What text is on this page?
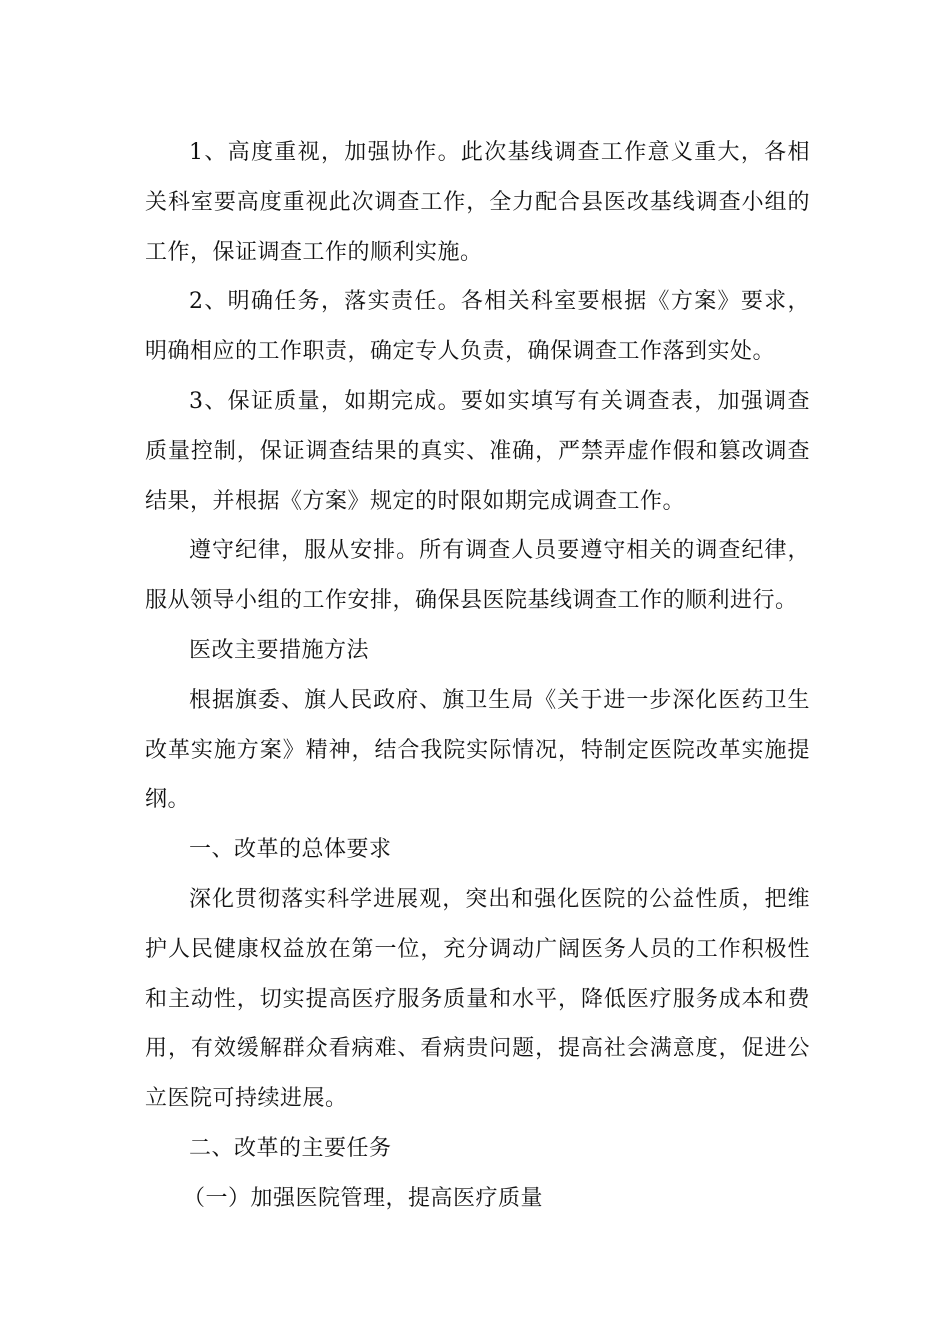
1、高度重视，加强协作。此次基线调查工作意义重大，各相关科室要高度重视此次调查工作，全力配合县医改基线调查小组的工作，保证调查工作的顺利实施。

2、明确任务，落实责任。各相关科室要根据《方案》要求，明确相应的工作职责，确定专人负责，确保调查工作落到实处。

3、保证质量，如期完成。要如实填写有关调查表，加强调查质量控制，保证调查结果的真实、准确，严禁弄虚作假和篡改调查结果，并根据《方案》规定的时限如期完成调查工作。

遵守纪律，服从安排。所有调查人员要遵守相关的调查纪律，服从领导小组的工作安排，确保县医院基线调查工作的顺利进行。

医改主要措施方法

根据旗委、旗人民政府、旗卫生局《关于进一步深化医药卫生改革实施方案》精神，结合我院实际情况，特制定医院改革实施提纲。

一、改革的总体要求

深化贯彻落实科学进展观，突出和强化医院的公益性质，把维护人民健康权益放在第一位，充分调动广阔医务人员的工作积极性和主动性，切实提高医疗服务质量和水平，降低医疗服务成本和费用，有效缓解群众看病难、看病贵问题，提高社会满意度，促进公立医院可持续进展。

二、改革的主要任务

（一）加强医院管理，提高医疗质量
